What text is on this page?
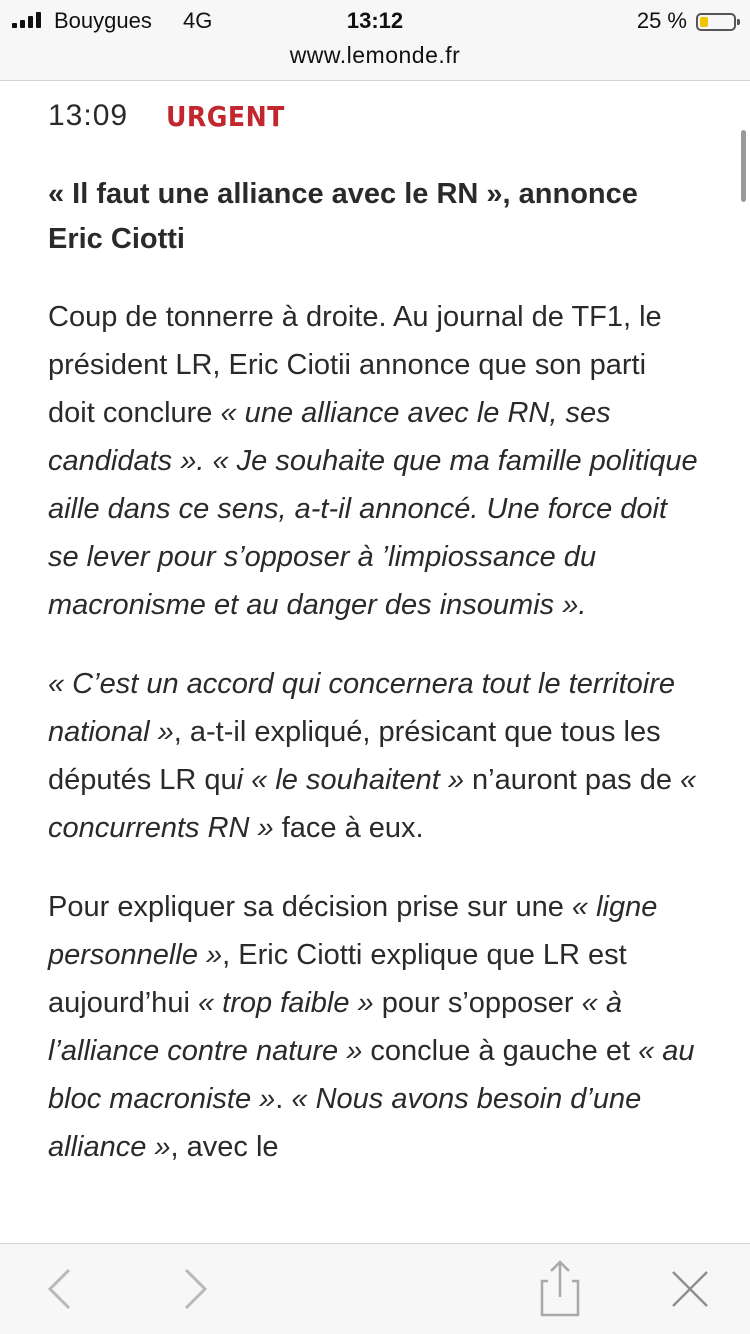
Bouygues 4G	13:12	25 %
www.lemonde.fr
13:09 URGENT
« Il faut une alliance avec le RN », annonce Eric Ciotti

Coup de tonnerre à droite. Au journal de TF1, le président LR, Eric Ciotii annonce que son parti doit conclure « une alliance avec le RN, ses candidats ». « Je souhaite que ma famille politique aille dans ce sens, a-t-il annoncé. Une force doit se lever pour s’opposer à ’limpiossance du macronisme et au danger des insoumis ».

« C’est un accord qui concernera tout le territoire national », a-t-il expliqué, présicant que tous les députés LR qui « le souhaitent » n’auront pas de « concurrents RN » face à eux.

Pour expliquer sa décision prise sur une « ligne personnelle », Eric Ciotti explique que LR est aujourd’hui « trop faible » pour s’opposer « à l’alliance contre nature » conclue à gauche et « au bloc macroniste ». « Nous avons besoin d’une alliance », avec le
